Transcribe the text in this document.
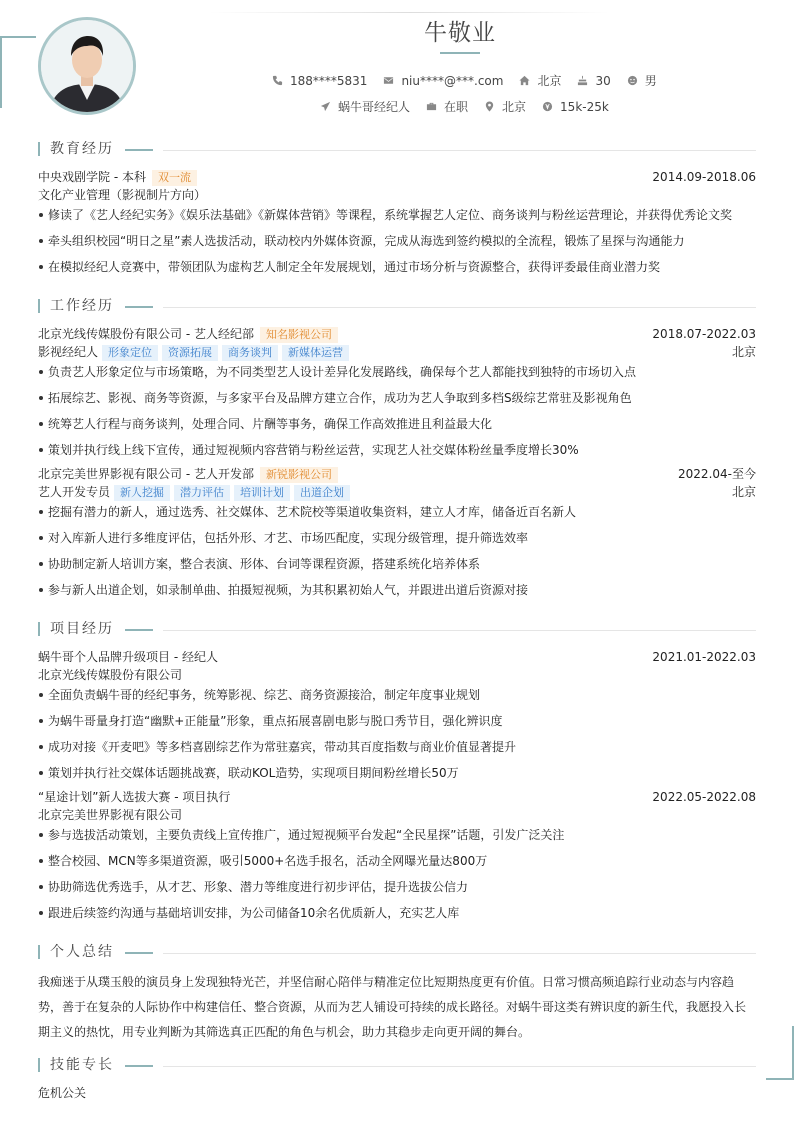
牛敬业
188****5831	niu****@***.com	北京	30	男
蜗牛哥经纪人	在职	北京	15k-25k
教育经历
中央戏剧学院 - 本科 双一流	2014.09-2018.06
文化产业管理（影视制片方向）
修读了《艺人经纪实务》《娱乐法基础》《新媒体营销》等课程，系统掌握艺人定位、商务谈判与粉丝运营理论，并获得优秀论文奖
牵头组织校园“明日之星”素人选拔活动，联动校内外媒体资源，完成从海选到签约模拟的全流程，锻炼了星探与沟通能力
在模拟经纪人竞赛中，带领团队为虚构艺人制定全年发展规划，通过市场分析与资源整合，获得评委最佳商业潜力奖
工作经历
北京光线传媒股份有限公司 - 艺人经纪部 知名影视公司	2018.07-2022.03
影视经纪人 形象定位 资源拓展 商务谈判 新媒体运营	北京
负责艺人形象定位与市场策略，为不同类型艺人设计差异化发展路线，确保每个艺人都能找到独特的市场切入点
拓展综艺、影视、商务等资源，与多家平台及品牌方建立合作，成功为艺人争取到多档S级综艺常驻及影视角色
统筹艺人行程与商务谈判，处理合同、片酬等事务，确保工作高效推进且利益最大化
策划并执行线上线下宣传，通过短视频内容营销与粉丝运营，实现艺人社交媒体粉丝量季度增长30%
北京完美世界影视有限公司 - 艺人开发部 新锐影视公司	2022.04-至今
艺人开发专员 新人挖掘 潜力评估 培训计划 出道企划	北京
挖掘有潜力的新人，通过选秀、社交媒体、艺术院校等渠道收集资料，建立人才库，储备近百名新人
对入库新人进行多维度评估，包括外形、才艺、市场匹配度，实现分级管理，提升筛选效率
协助制定新人培训方案，整合表演、形体、台词等课程资源，搭建系统化培养体系
参与新人出道企划，如录制单曲、拍摄短视频，为其积累初始人气，并跟进出道后资源对接
项目经历
蜗牛哥个人品牌升级项目 - 经纪人	2021.01-2022.03
北京光线传媒股份有限公司
全面负责蜗牛哥的经纪事务，统筹影视、综艺、商务资源接洽，制定年度事业规划
为蜗牛哥量身打造“幽默+正能量”形象，重点拓展喜剧电影与脱口秀节目，强化辨识度
成功对接《开麦吧》等多档喜剧综艺作为常驻嘉宾，带动其百度指数与商业价值显著提升
策划并执行社交媒体话题挑战赛，联动KOL造势，实现项目期间粉丝增长50万
“星途计划”新人选拔大赛 - 项目执行	2022.05-2022.08
北京完美世界影视有限公司
参与选拔活动策划，主要负责线上宣传推广，通过短视频平台发起“全民星探”话题，引发广泛关注
整合校园、MCN等多渠道资源，吸引5000+名选手报名，活动全网曝光量达800万
协助筛选优秀选手，从才艺、形象、潜力等维度进行初步评估，提升选拔公信力
跟进后续签约沟通与基础培训安排，为公司储备10余名优质新人，充实艺人库
个人总结
我痴迷于从璞玉般的演员身上发现独特光芒，并坚信耐心陪伴与精准定位比短期热度更有价值。日常习惯高频追踪行业动态与内容趋势，善于在复杂的人际协作中构建信任、整合资源，从而为艺人铺设可持续的成长路径。对蜗牛哥这类有辨识度的新生代，我愿投入长期主义的热忱，用专业判断为其筛选真正匹配的角色与机会，助力其稳步走向更开阔的舞台。
技能专长
危机公关
